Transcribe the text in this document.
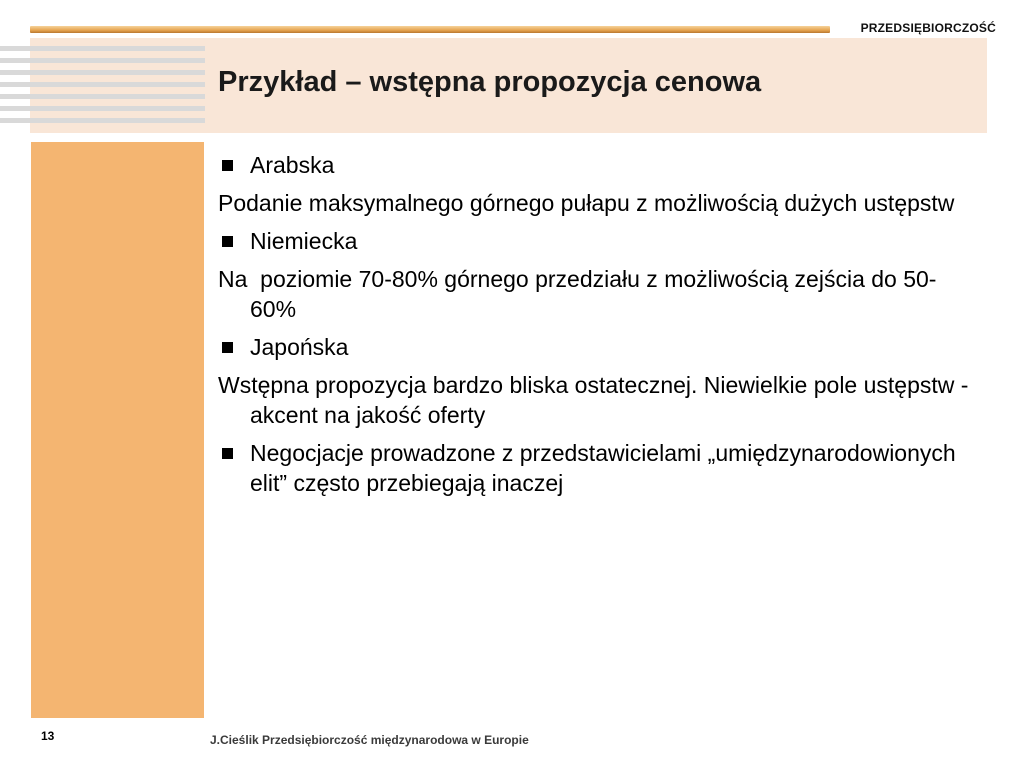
PRZEDSIĘBIORCZOŚĆ
Przykład – wstępna propozycja cenowa
Arabska
Podanie maksymalnego górnego pułapu z możliwością dużych ustępstw
Niemiecka
Na  poziomie 70-80% górnego przedziału z możliwością zejścia do 50-60%
Japońska
Wstępna propozycja bardzo bliska ostatecznej. Niewielkie pole ustępstw - akcent na jakość oferty
Negocjacje prowadzone z przedstawicielami „umiędzynarodowionych elit” często przebiegają inaczej
13	J.Cieślik Przedsiębiorczość międzynarodowa w Europie
